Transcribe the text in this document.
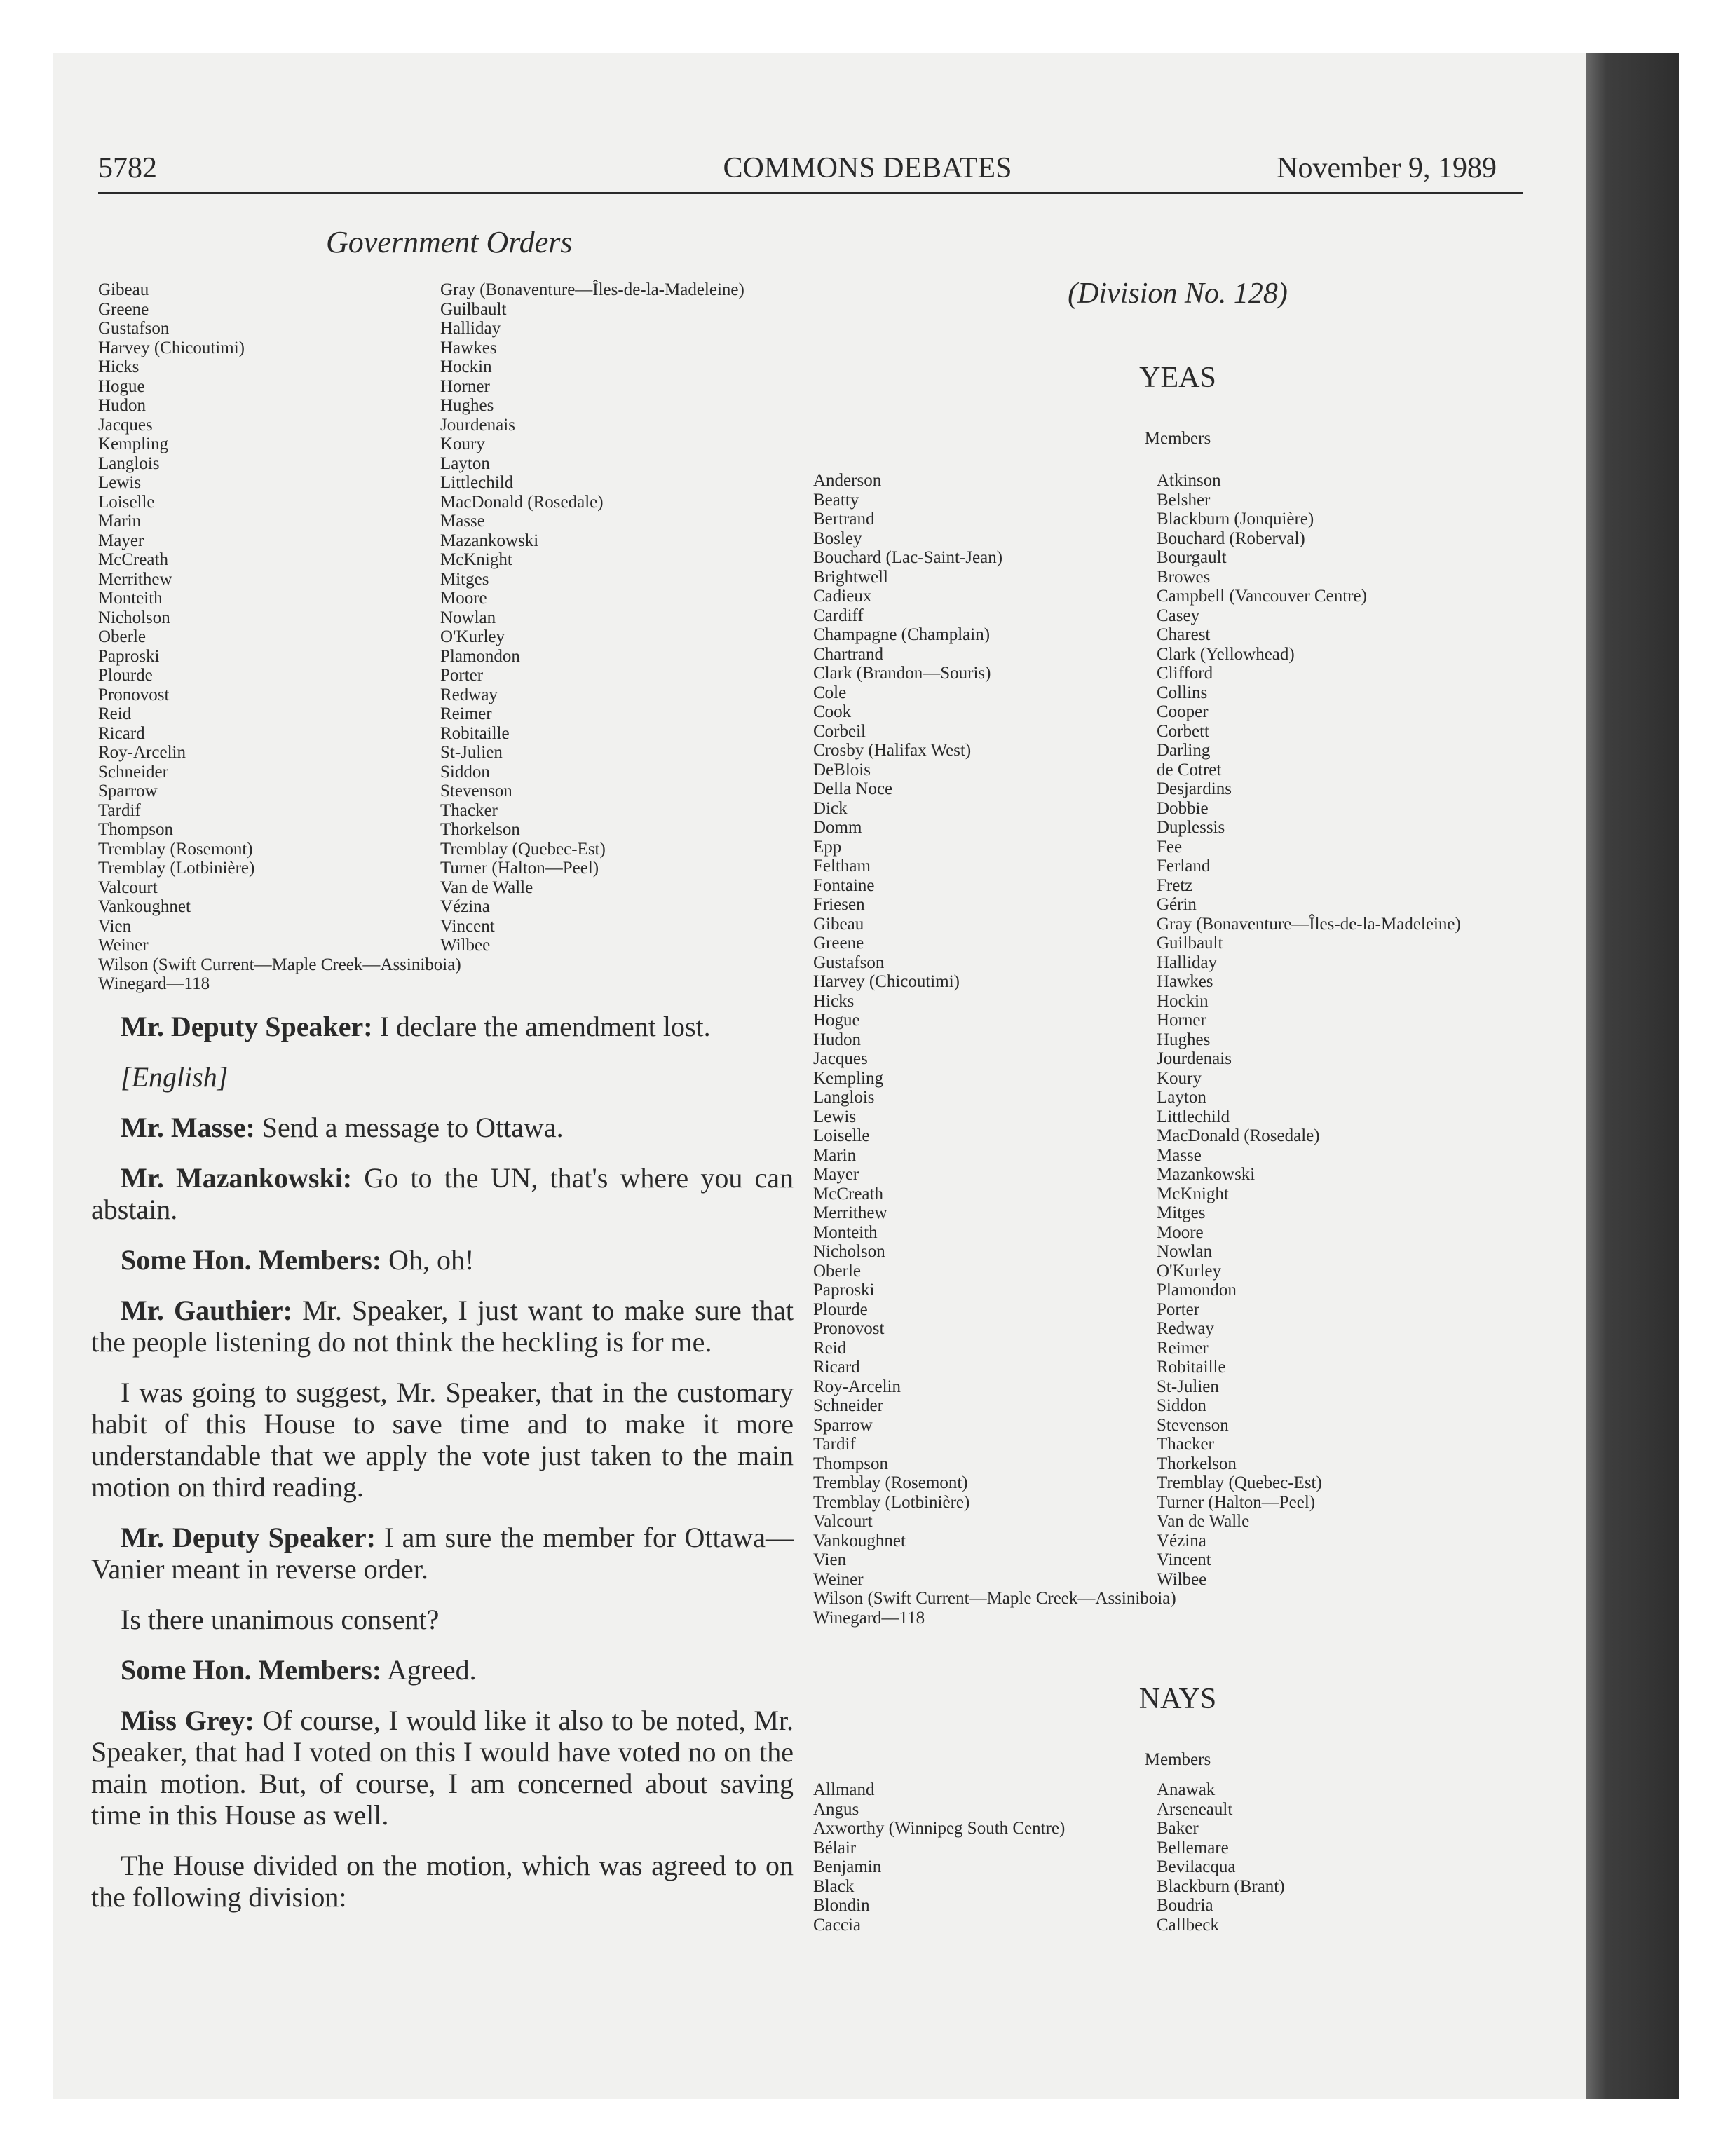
5782	COMMONS DEBATES	November 9, 1989
Government Orders
Gibeau
Greene
Gustafson
Harvey (Chicoutimi)
Hicks
Hogue
Hudon
Jacques
Kempling
Langlois
Lewis
Loiselle
Marin
Mayer
McCreath
Merrithew
Monteith
Nicholson
Oberle
Paproski
Plourde
Pronovost
Reid
Ricard
Roy-Arcelin
Schneider
Sparrow
Tardif
Thompson
Tremblay (Rosemont)
Tremblay (Lotbinière)
Valcourt
Vankoughnet
Vien
Weiner
Gray (Bonaventure—Îles-de-la-Madeleine)
Guilbault
Halliday
Hawkes
Hockin
Horner
Hughes
Jourdenais
Koury
Layton
Littlechild
MacDonald (Rosedale)
Masse
Mazankowski
McKnight
Mitges
Moore
Nowlan
O'Kurley
Plamondon
Porter
Redway
Reimer
Robitaille
St-Julien
Siddon
Stevenson
Thacker
Thorkelson
Tremblay (Quebec-Est)
Turner (Halton—Peel)
Van de Walle
Vézina
Vincent
Wilbee
Wilson (Swift Current—Maple Creek—Assiniboia)
Winegard—118

Mr. Deputy Speaker: I declare the amendment lost.

[English]

Mr. Masse: Send a message to Ottawa.

Mr. Mazankowski: Go to the UN, that's where you can abstain.

Some Hon. Members: Oh, oh!

Mr. Gauthier: Mr. Speaker, I just want to make sure that the people listening do not think the heckling is for me.

I was going to suggest, Mr. Speaker, that in the customary habit of this House to save time and to make it more understandable that we apply the vote just taken to the main motion on third reading.

Mr. Deputy Speaker: I am sure the member for Ottawa—Vanier meant in reverse order.

Is there unanimous consent?

Some Hon. Members: Agreed.

Miss Grey: Of course, I would like it also to be noted, Mr. Speaker, that had I voted on this I would have voted no on the main motion. But, of course, I am concerned about saving time in this House as well.

The House divided on the motion, which was agreed to on the following division:

(Division No. 128)
YEAS
Members
Anderson
Beatty
Bertrand
Bosley
Bouchard (Lac-Saint-Jean)
Brightwell
Cadieux
Cardiff
Champagne (Champlain)
Chartrand
Clark (Brandon—Souris)
Cole
Cook
Corbeil
Crosby (Halifax West)
DeBlois
Della Noce
Dick
Domm
Epp
Feltham
Fontaine
Friesen
Gibeau
Greene
Gustafson
Harvey (Chicoutimi)
Hicks
Hogue
Hudon
Jacques
Kempling
Langlois
Lewis
Loiselle
Marin
Mayer
McCreath
Merrithew
Monteith
Nicholson
Oberle
Paproski
Plourde
Pronovost
Reid
Ricard
Roy-Arcelin
Schneider
Sparrow
Tardif
Thompson
Tremblay (Rosemont)
Tremblay (Lotbinière)
Valcourt
Vankoughnet
Vien
Weiner
Atkinson
Belsher
Blackburn (Jonquière)
Bouchard (Roberval)
Bourgault
Browes
Campbell (Vancouver Centre)
Casey
Charest
Clark (Yellowhead)
Clifford
Collins
Cooper
Corbett
Darling
de Cotret
Desjardins
Dobbie
Duplessis
Fee
Ferland
Fretz
Gérin
Gray (Bonaventure—Îles-de-la-Madeleine)
Guilbault
Halliday
Hawkes
Hockin
Horner
Hughes
Jourdenais
Koury
Layton
Littlechild
MacDonald (Rosedale)
Masse
Mazankowski
McKnight
Mitges
Moore
Nowlan
O'Kurley
Plamondon
Porter
Redway
Reimer
Robitaille
St-Julien
Siddon
Stevenson
Thacker
Thorkelson
Tremblay (Quebec-Est)
Turner (Halton—Peel)
Van de Walle
Vézina
Vincent
Wilbee
Wilson (Swift Current—Maple Creek—Assiniboia)
Winegard—118
NAYS
Members
Allmand
Angus
Axworthy (Winnipeg South Centre)
Bélair
Benjamin
Black
Blondin
Caccia
Anawak
Arseneault
Baker
Bellemare
Bevilacqua
Blackburn (Brant)
Boudria
Callbeck
